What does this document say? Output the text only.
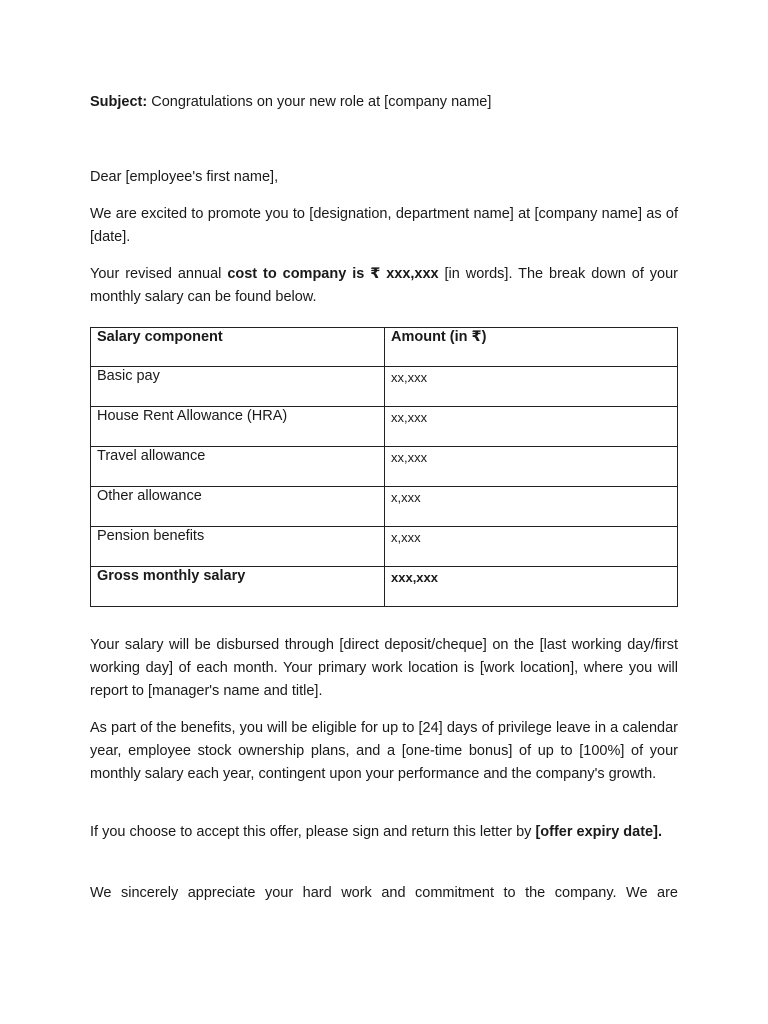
Subject: Congratulations on your new role at [company name]

Dear [employee's first name],

We are excited to promote you to [designation, department name] at [company name] as of [date].

Your revised annual cost to company is ₹ xxx,xxx [in words]. The break down of your monthly salary can be found below.

Salary component	Amount (in ₹)
Basic pay	xx,xxx
House Rent Allowance (HRA)	xx,xxx
Travel allowance	xx,xxx
Other allowance	x,xxx
Pension benefits	x,xxx
Gross monthly salary	xxx,xxx

Your salary will be disbursed through [direct deposit/cheque] on the [last working day/first working day] of each month. Your primary work location is [work location], where you will report to [manager's name and title].

As part of the benefits, you will be eligible for up to [24] days of privilege leave in a calendar year, employee stock ownership plans, and a [one-time bonus] of up to [100%] of your monthly salary each year, contingent upon your performance and the company's growth.

If you choose to accept this offer, please sign and return this letter by [offer expiry date].

We sincerely appreciate your hard work and commitment to the company. We are
